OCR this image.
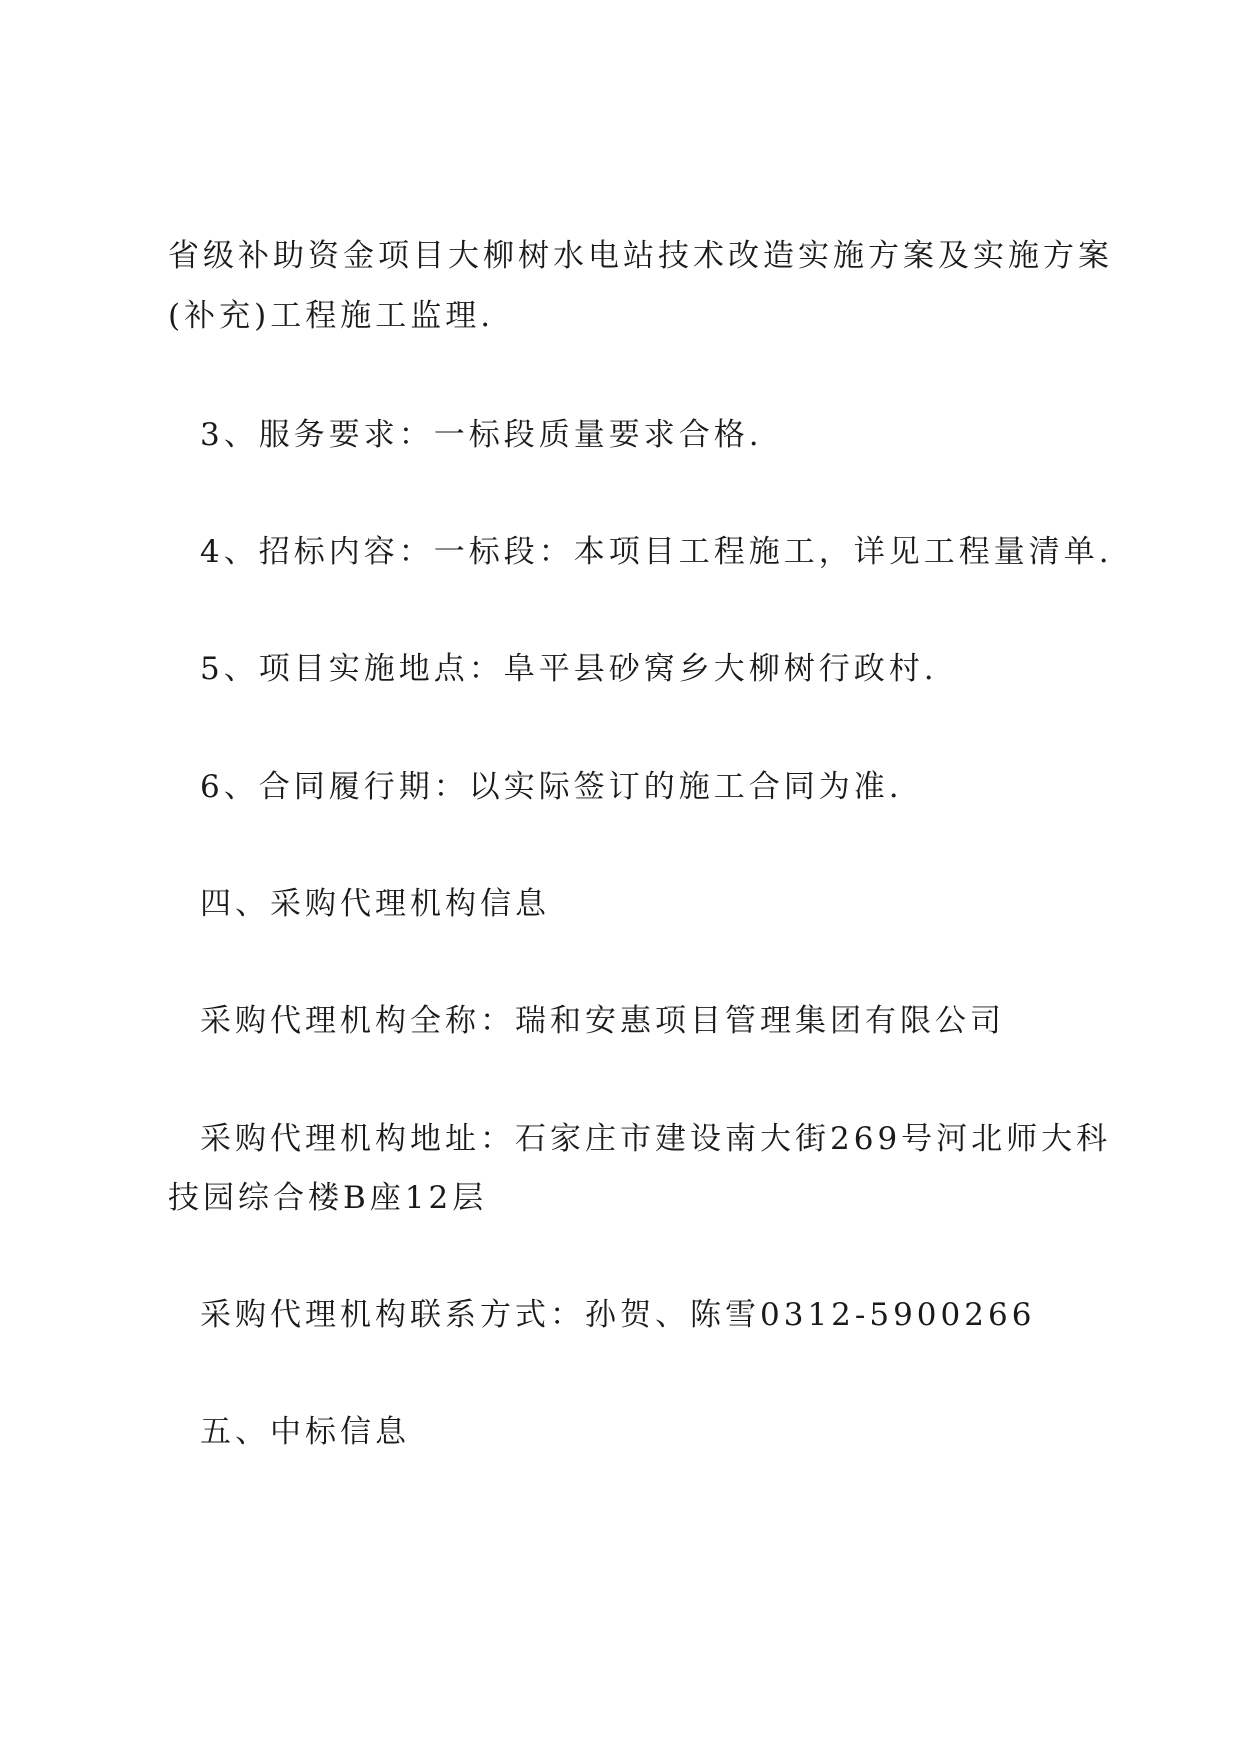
省级补助资金项目大柳树水电站技术改造实施方案及实施方案
(补充)工程施工监理.
3、服务要求：一标段质量要求合格.
4、招标内容：一标段：本项目工程施工，详见工程量清单.
5、项目实施地点：阜平县砂窝乡大柳树行政村.
6、合同履行期：以实际签订的施工合同为准.
四、采购代理机构信息
采购代理机构全称：瑞和安惠项目管理集团有限公司
采购代理机构地址：石家庄市建设南大街269号河北师大科
技园综合楼B座12层
采购代理机构联系方式：孙贺、陈雪0312-5900266
五、中标信息
